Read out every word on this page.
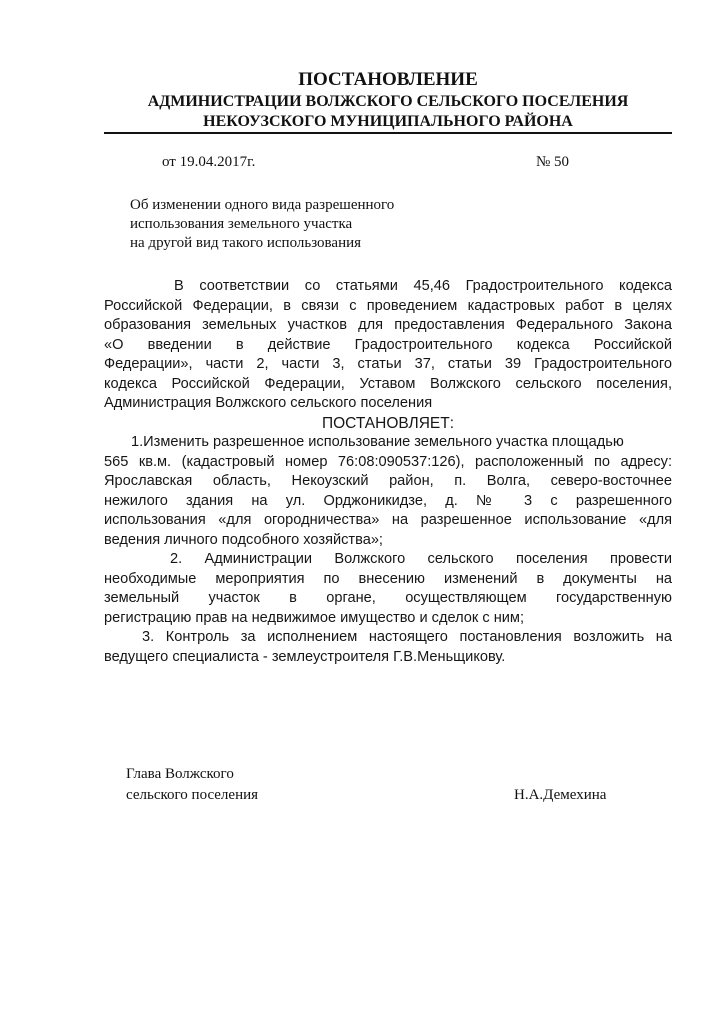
ПОСТАНОВЛЕНИЕ
АДМИНИСТРАЦИИ ВОЛЖСКОГО СЕЛЬСКОГО ПОСЕЛЕНИЯ
НЕКОУЗСКОГО МУНИЦИПАЛЬНОГО РАЙОНА
от 19.04.2017г.	№ 50
Об изменении одного вида разрешенного
использования земельного участка
на другой вид такого использования
В соответствии со статьями 45,46 Градостроительного кодекса
Российской Федерации, в связи с проведением кадастровых работ в целях
образования земельных участков для предоставления Федерального Закона
«О введении в действие Градостроительного кодекса Российской
Федерации», части 2, части 3, статьи 37, статьи 39 Градостроительного
кодекса Российской Федерации, Уставом Волжского сельского поселения,
Администрация Волжского сельского поселения
ПОСТАНОВЛЯЕТ:
1.Изменить разрешенное использование земельного участка площадью
565 кв.м. (кадастровый номер 76:08:090537:126), расположенный по адресу:
Ярославская область, Некоузский район, п. Волга, северо-восточнее
нежилого здания на ул. Орджоникидзе, д. № 3 с разрешенного
использования «для огородничества» на разрешенное использование «для
ведения личного подсобного хозяйства»;
2. Администрации Волжского сельского поселения провести
необходимые мероприятия по внесению изменений в документы на
земельный участок в органе, осуществляющем государственную
регистрацию прав на недвижимое имущество и сделок с ним;
3. Контроль за исполнением настоящего постановления возложить на
ведущего специалиста - землеустроителя Г.В.Меньщикову.
Глава Волжского
сельского поселения	Н.А.Демехина
